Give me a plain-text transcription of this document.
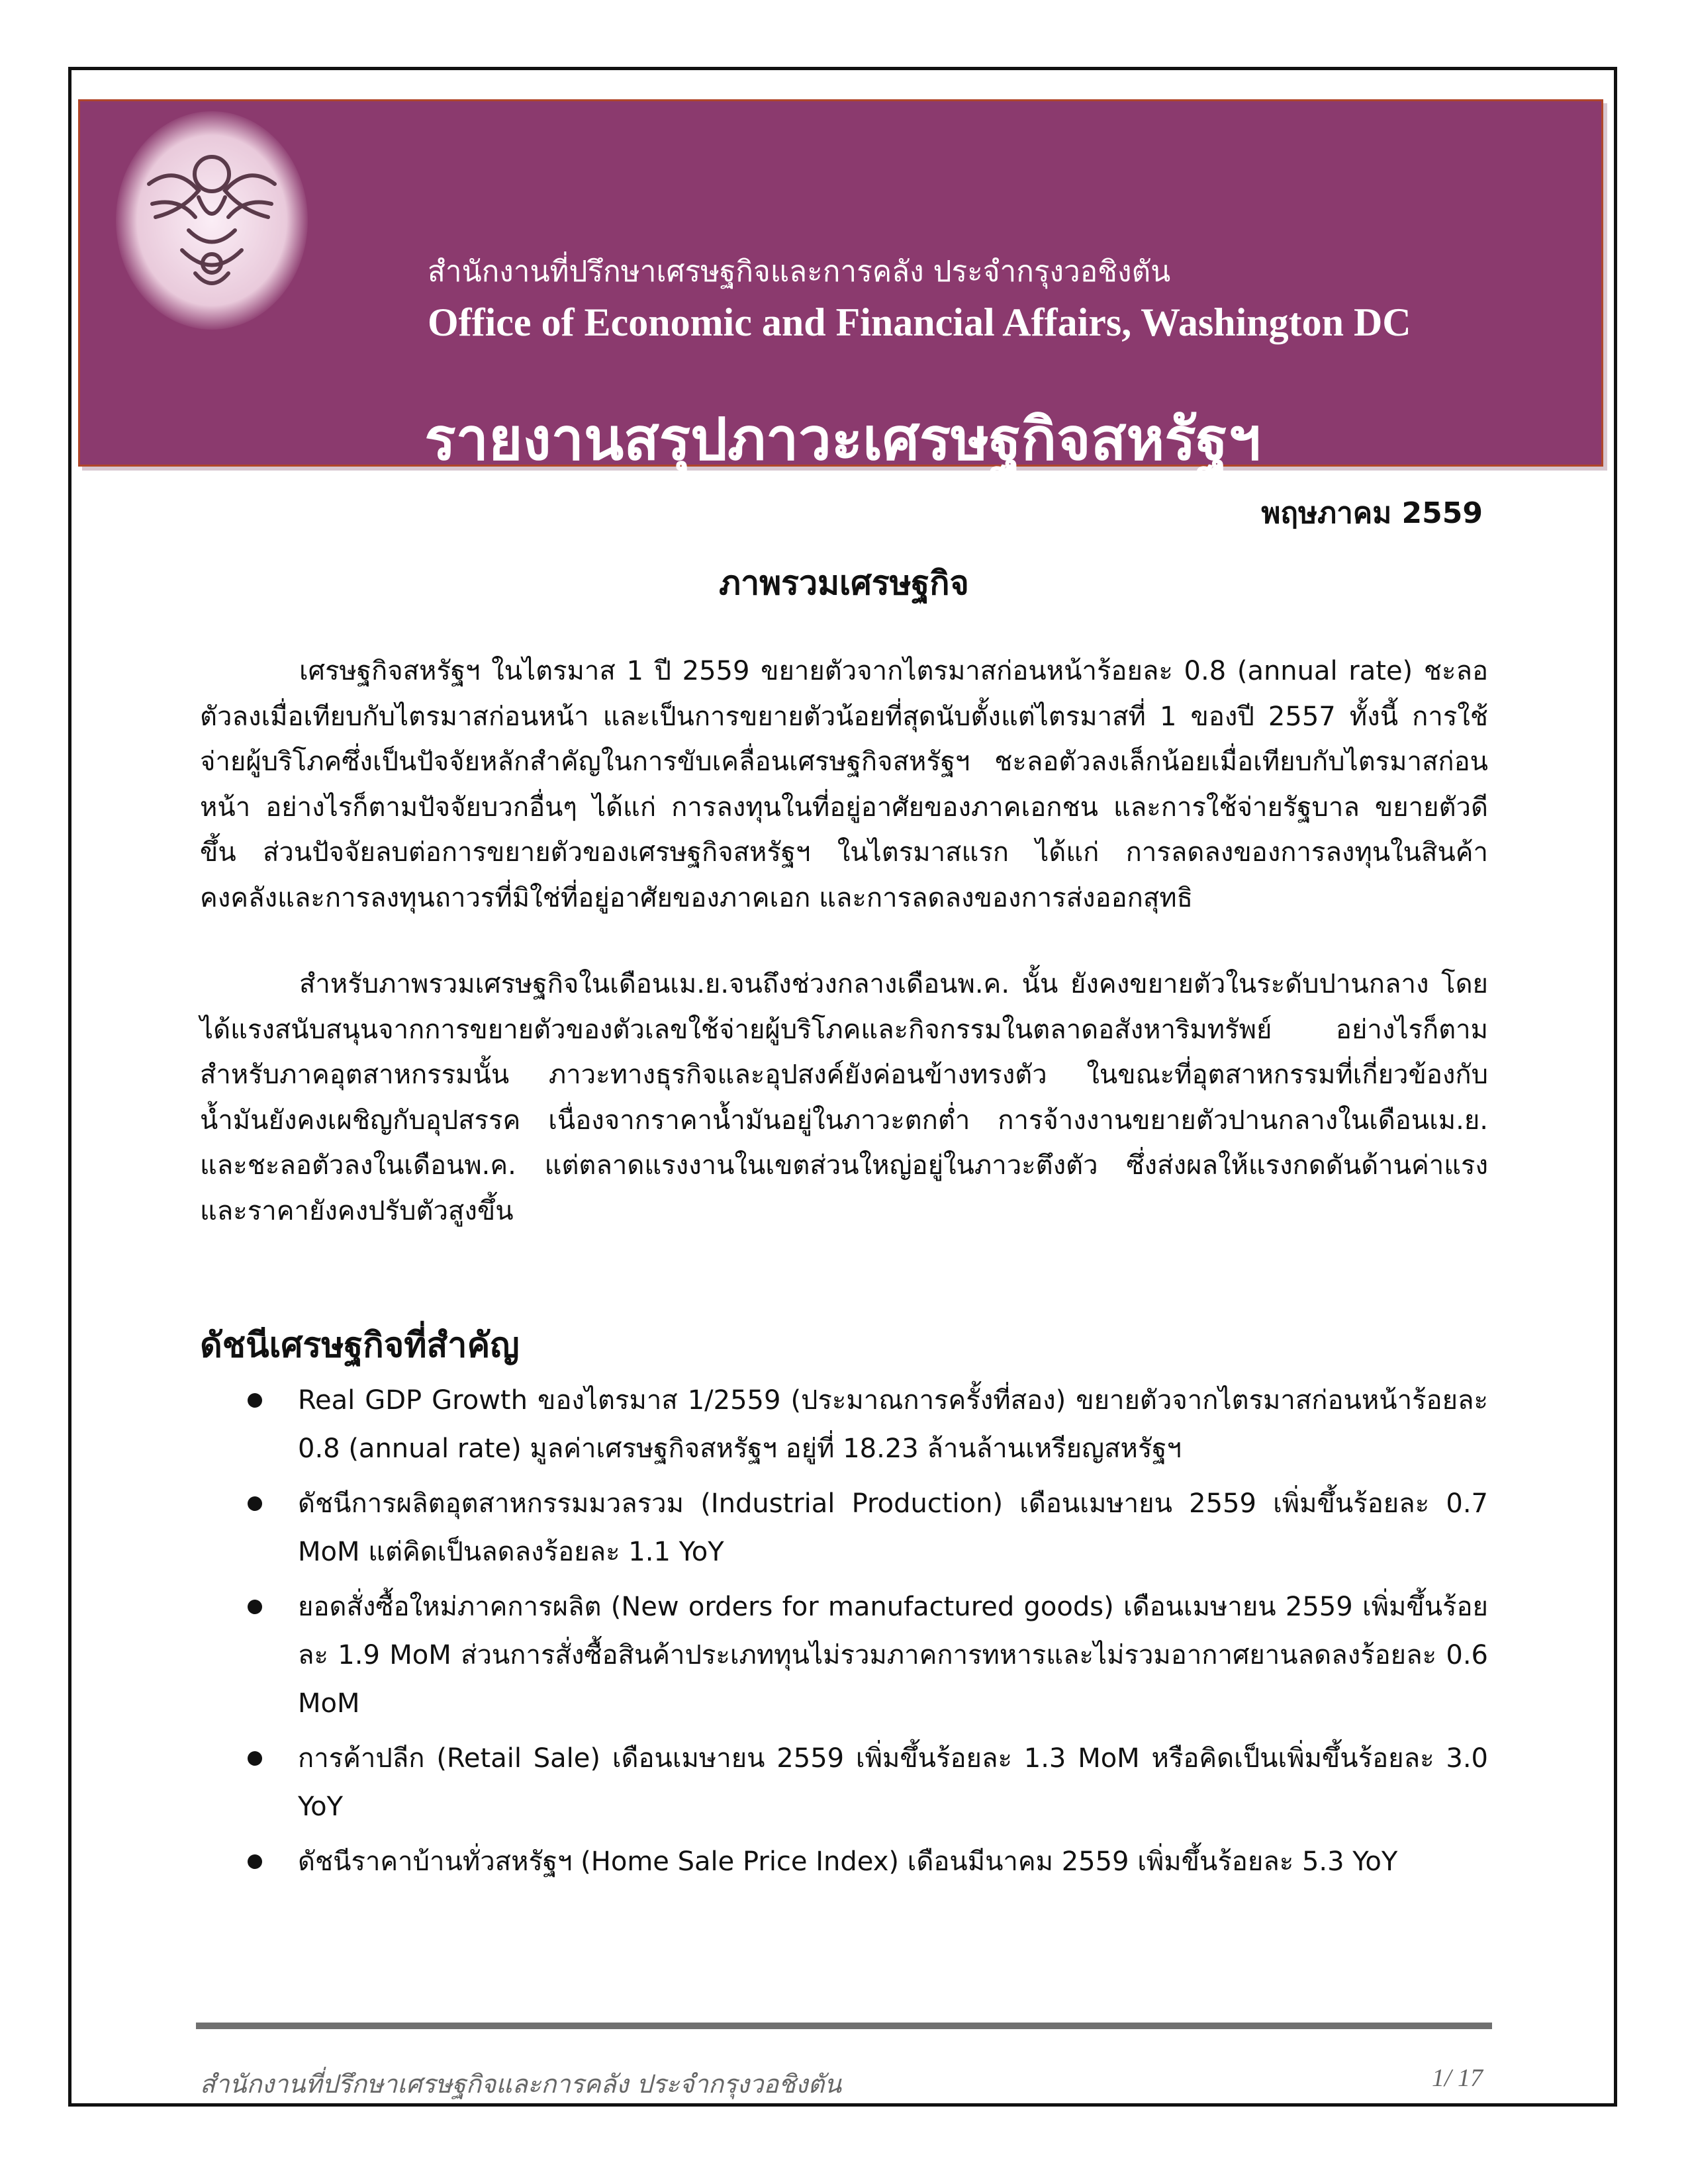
สำนักงานที่ปรึกษาเศรษฐกิจและการคลัง ประจำกรุงวอชิงตัน
Office of Economic and Financial Affairs, Washington DC
รายงานสรุปภาวะเศรษฐกิจสหรัฐฯ
พฤษภาคม 2559
ภาพรวมเศรษฐกิจ

เศรษฐกิจสหรัฐฯ ในไตรมาส 1 ปี 2559 ขยายตัวจากไตรมาสก่อนหน้าร้อยละ 0.8 (annual rate) ชะลอตัวลงเมื่อเทียบกับไตรมาสก่อนหน้า และเป็นการขยายตัวน้อยที่สุดนับตั้งแต่ไตรมาสที่ 1 ของปี 2557 ทั้งนี้ การใช้จ่ายผู้บริโภคซึ่งเป็นปัจจัยหลักสำคัญในการขับเคลื่อนเศรษฐกิจสหรัฐฯ ชะลอตัวลงเล็กน้อยเมื่อเทียบกับไตรมาสก่อนหน้า อย่างไรก็ตามปัจจัยบวกอื่นๆ ได้แก่ การลงทุนในที่อยู่อาศัยของภาคเอกชน และการใช้จ่ายรัฐบาล ขยายตัวดีขึ้น ส่วนปัจจัยลบต่อการขยายตัวของเศรษฐกิจสหรัฐฯ ในไตรมาสแรก ได้แก่ การลดลงของการลงทุนในสินค้าคงคลังและการลงทุนถาวรที่มิใช่ที่อยู่อาศัยของภาคเอก และการลดลงของการส่งออกสุทธิ

สำหรับภาพรวมเศรษฐกิจในเดือนเม.ย.จนถึงช่วงกลางเดือนพ.ค. นั้น ยังคงขยายตัวในระดับปานกลาง โดยได้แรงสนับสนุนจากการขยายตัวของตัวเลขใช้จ่ายผู้บริโภคและกิจกรรมในตลาดอสังหาริมทรัพย์ อย่างไรก็ตาม สำหรับภาคอุตสาหกรรมนั้น ภาวะทางธุรกิจและอุปสงค์ยังค่อนข้างทรงตัว ในขณะที่อุตสาหกรรมที่เกี่ยวข้องกับน้ำมันยังคงเผชิญกับอุปสรรค เนื่องจากราคาน้ำมันอยู่ในภาวะตกต่ำ การจ้างงานขยายตัวปานกลางในเดือนเม.ย. และชะลอตัวลงในเดือนพ.ค. แต่ตลาดแรงงานในเขตส่วนใหญ่อยู่ในภาวะตึงตัว ซึ่งส่งผลให้แรงกดดันด้านค่าแรงและราคายังคงปรับตัวสูงขึ้น

ดัชนีเศรษฐกิจที่สำคัญ
Real GDP Growth ของไตรมาส 1/2559 (ประมาณการครั้งที่สอง) ขยายตัวจากไตรมาสก่อนหน้าร้อยละ 0.8 (annual rate) มูลค่าเศรษฐกิจสหรัฐฯ อยู่ที่ 18.23 ล้านล้านเหรียญสหรัฐฯ
ดัชนีการผลิตอุตสาหกรรมมวลรวม (Industrial Production) เดือนเมษายน 2559 เพิ่มขึ้นร้อยละ 0.7 MoM แต่คิดเป็นลดลงร้อยละ 1.1 YoY
ยอดสั่งซื้อใหม่ภาคการผลิต (New orders for manufactured goods) เดือนเมษายน 2559 เพิ่มขึ้นร้อยละ 1.9 MoM ส่วนการสั่งซื้อสินค้าประเภททุนไม่รวมภาคการทหารและไม่รวมอากาศยานลดลงร้อยละ 0.6 MoM
การค้าปลีก (Retail Sale) เดือนเมษายน 2559 เพิ่มขึ้นร้อยละ 1.3 MoM หรือคิดเป็นเพิ่มขึ้นร้อยละ 3.0 YoY
ดัชนีราคาบ้านทั่วสหรัฐฯ (Home Sale Price Index) เดือนมีนาคม 2559 เพิ่มขึ้นร้อยละ 5.3 YoY
สำนักงานที่ปรึกษาเศรษฐกิจและการคลัง ประจำกรุงวอชิงตัน	1/ 17
